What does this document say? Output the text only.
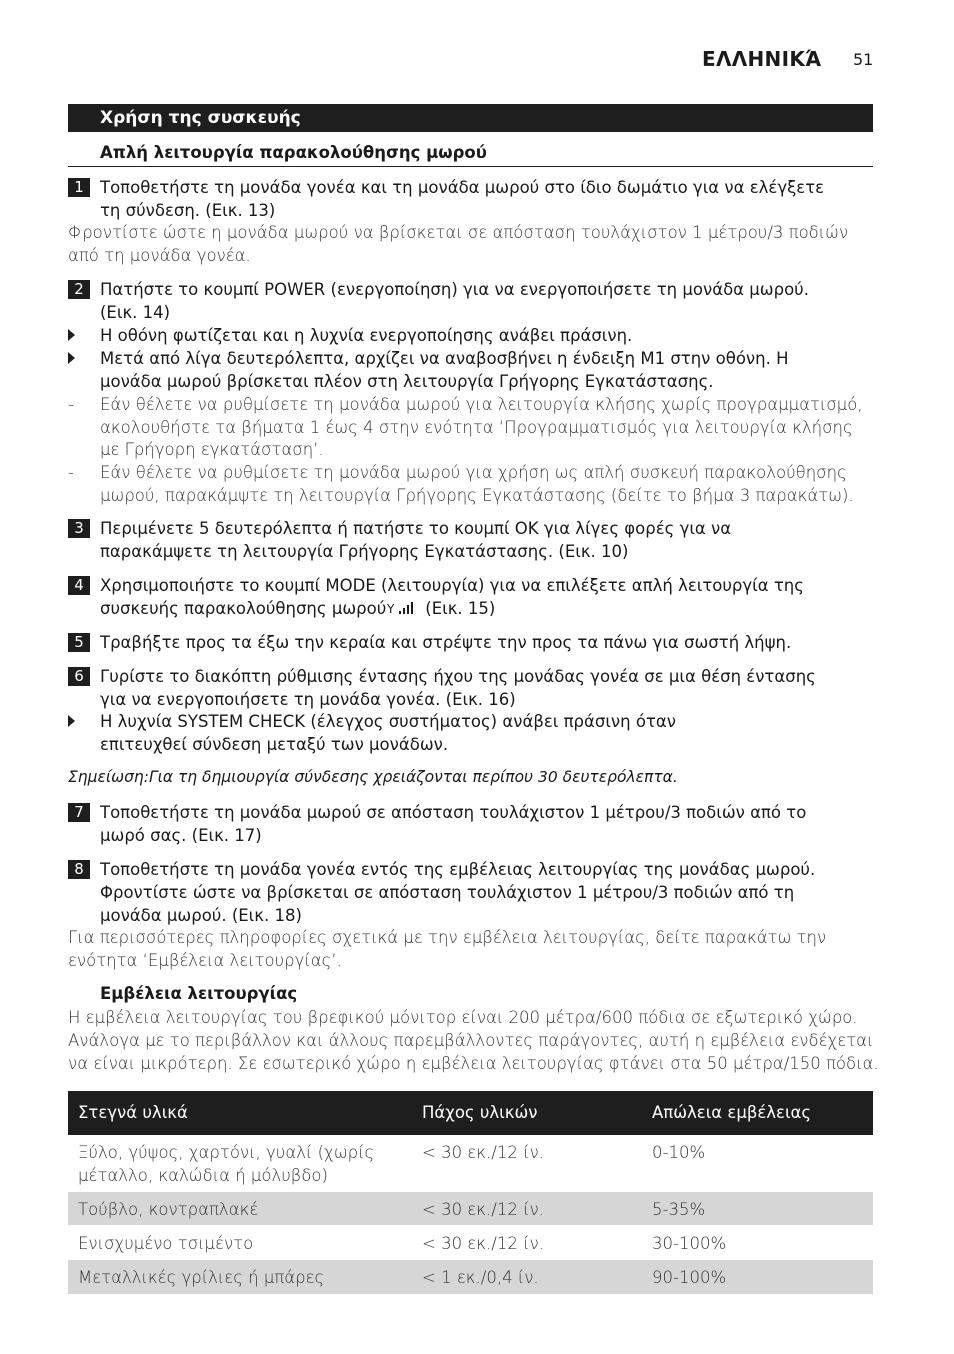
ΕΛΛΗΝΙΚΆ 51
Χρήση της συσκευής
Απλή λειτουργία παρακολούθησης μωρού
1 Τοποθετήστε τη μονάδα γονέα και τη μονάδα μωρού στο ίδιο δωμάτιο για να ελέγξετε
τη σύνδεση. (Εικ. 13)
Φροντίστε ώστε η μονάδα μωρού να βρίσκεται σε απόσταση τουλάχιστον 1 μέτρου/3 ποδιών
από τη μονάδα γονέα.
2 Πατήστε το κουμπί POWER (ενεργοποίηση) για να ενεργοποιήσετε τη μονάδα μωρού.
(Εικ. 14)
Η οθόνη φωτίζεται και η λυχνία ενεργοποίησης ανάβει πράσινη.
Μετά από λίγα δευτερόλεπτα, αρχίζει να αναβοσβήνει η ένδειξη M1 στην οθόνη. Η
μονάδα μωρού βρίσκεται πλέον στη λειτουργία Γρήγορης Εγκατάστασης.
- Εάν θέλετε να ρυθμίσετε τη μονάδα μωρού για λειτουργία κλήσης χωρίς προγραμματισμό,
ακολουθήστε τα βήματα 1 έως 4 στην ενότητα ‘Προγραμματισμός για λειτουργία κλήσης
με Γρήγορη εγκατάσταση’.
- Εάν θέλετε να ρυθμίσετε τη μονάδα μωρού για χρήση ως απλή συσκευή παρακολούθησης
μωρού, παρακάμψτε τη λειτουργία Γρήγορης Εγκατάστασης (δείτε το βήμα 3 παρακάτω).
3 Περιμένετε 5 δευτερόλεπτα ή πατήστε το κουμπί OK για λίγες φορές για να
παρακάμψετε τη λειτουργία Γρήγορης Εγκατάστασης. (Εικ. 10)
4 Χρησιμοποιήστε το κουμπί MODE (λειτουργία) για να επιλέξετε απλή λειτουργία της
συσκευής παρακολούθησης μωρού Y (Εικ. 15)
5 Τραβήξτε προς τα έξω την κεραία και στρέψτε την προς τα πάνω για σωστή λήψη.
6 Γυρίστε το διακόπτη ρύθμισης έντασης ήχου της μονάδας γονέα σε μια θέση έντασης
για να ενεργοποιήσετε τη μονάδα γονέα. (Εικ. 16)
Η λυχνία SYSTEM CHECK (έλεγχος συστήματος) ανάβει πράσινη όταν
επιτευχθεί σύνδεση μεταξύ των μονάδων.
Σημείωση:Για τη δημιουργία σύνδεσης χρειάζονται περίπου 30 δευτερόλεπτα.
7 Τοποθετήστε τη μονάδα μωρού σε απόσταση τουλάχιστον 1 μέτρου/3 ποδιών από το
μωρό σας. (Εικ. 17)
8 Τοποθετήστε τη μονάδα γονέα εντός της εμβέλειας λειτουργίας της μονάδας μωρού.
Φροντίστε ώστε να βρίσκεται σε απόσταση τουλάχιστον 1 μέτρου/3 ποδιών από τη
μονάδα μωρού. (Εικ. 18)
Για περισσότερες πληροφορίες σχετικά με την εμβέλεια λειτουργίας, δείτε παρακάτω την
ενότητα ‘Εμβέλεια λειτουργίας’.
Εμβέλεια λειτουργίας
Η εμβέλεια λειτουργίας του βρεφικού μόνιτορ είναι 200 μέτρα/600 πόδια σε εξωτερικό χώρο.
Ανάλογα με το περιβάλλον και άλλους παρεμβάλλοντες παράγοντες, αυτή η εμβέλεια ενδέχεται
να είναι μικρότερη. Σε εσωτερικό χώρο η εμβέλεια λειτουργίας φτάνει στα 50 μέτρα/150 πόδια.
Στεγνά υλικά	Πάχος υλικών	Απώλεια εμβέλειας
Ξύλο, γύψος, χαρτόνι, γυαλί (χωρίς
μέταλλο, καλώδια ή μόλυβδο)
< 30 εκ./12 ίν.	0-10%
Τούβλο, κοντραπλακέ	< 30 εκ./12 ίν.	5-35%
Ενισχυμένο τσιμέντο	< 30 εκ./12 ίν.	30-100%
Μεταλλικές γρίλιες ή μπάρες	< 1 εκ./0,4 ίν.	90-100%
